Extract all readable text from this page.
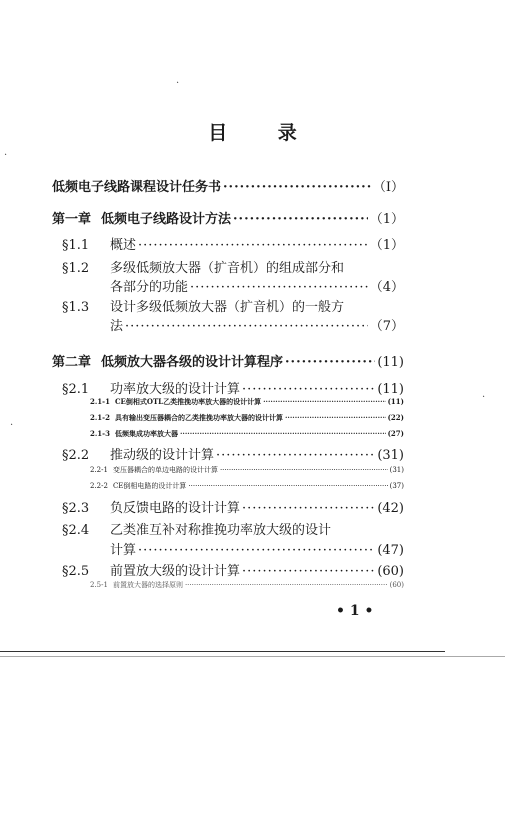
目 录
低频电子线路课程设计任务书 ·····	（Ⅰ）
第一章 低频电子线路设计方法 ·····	（1）
§1.1	概述 ·····	（1）
§1.2	多级低频放大器（扩音机）的组成部分和
各部分的功能 ·····	（4）
§1.3	设计多级低频放大器（扩音机）的一般方
法 ·····	（7）
第二章 低频放大器各级的设计计算程序 ·····	(11)
§2.1	功率放大级的设计计算 ·····	(11)
2.1-1 CE倒相式OTL乙类推挽功率放大器的设计计算 ·····	(11)
2.1-2 具有输出变压器耦合的乙类推挽功率放大器的设计计算 ·····	(22)
2.1-3 低频集成功率放大器 ·····	(27)
§2.2	推动级的设计计算 ·····	(31)
2.2-1 变压器耦合的单边电路的设计计算 ·····	(31)
2.2-2 CE倒相电路的设计计算 ·····	(37)
§2.3	负反馈电路的设计计算 ·····	(42)
§2.4	乙类准互补对称推挽功率放大级的设计
计算 ·····	(47)
§2.5	前置放大级的设计计算 ·····	(60)
2.5-1 前置放大器的选择原则 ·····	(60)
• 1 •
·
·
·
·
